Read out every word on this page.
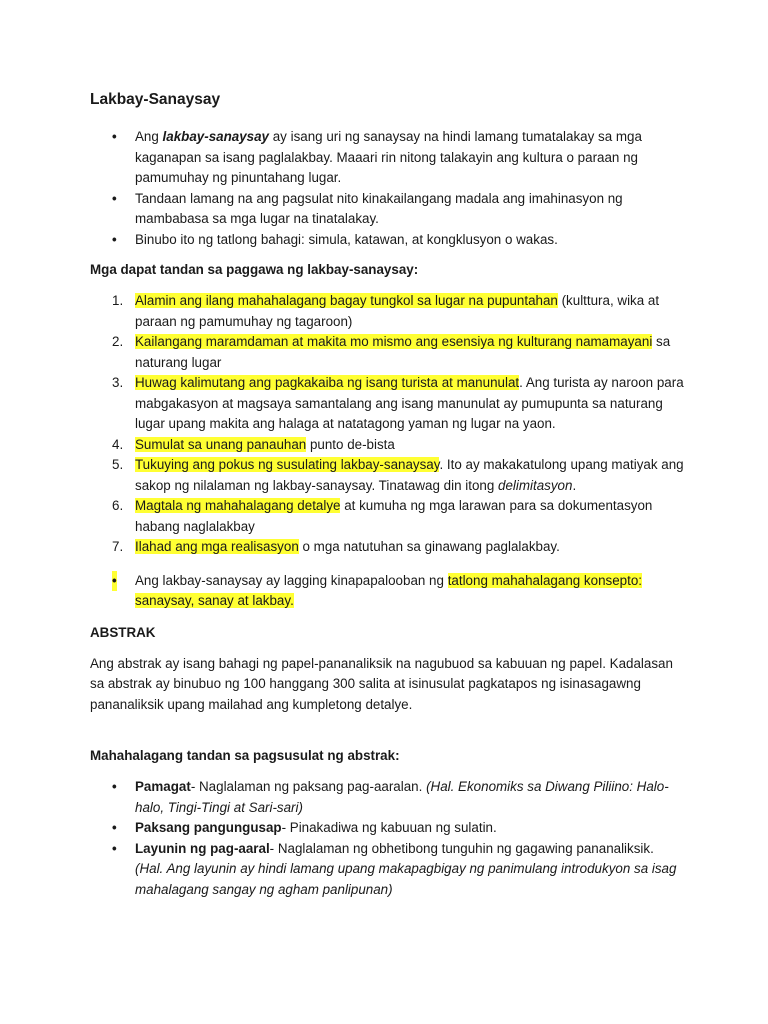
Lakbay-Sanaysay
• Ang lakbay-sanaysay ay isang uri ng sanaysay na hindi lamang tumatalakay sa mga kaganapan sa isang paglalakbay. Maaari rin nitong talakayin ang kultura o paraan ng pamumuhay ng pinuntahang lugar.
• Tandaan lamang na ang pagsulat nito kinakailangang madala ang imahinasyon ng mambabasa sa mga lugar na tinatalakay.
• Binubo ito ng tatlong bahagi: simula, katawan, at kongklusyon o wakas.
Mga dapat tandan sa paggawa ng lakbay-sanaysay:
1. Alamin ang ilang mahahalagang bagay tungkol sa lugar na pupuntahan (kulttura, wika at paraan ng pamumuhay ng tagaroon)
2. Kailangang maramdaman at makita mo mismo ang esensiya ng kulturang namamayani sa naturang lugar
3. Huwag kalimutang ang pagkakaiba ng isang turista at manunulat. Ang turista ay naroon para mabgakasyon at magsaya samantalang ang isang manunulat ay pumupunta sa naturang lugar upang makita ang halaga at natatagong yaman ng lugar na yaon.
4. Sumulat sa unang panauhan punto de-bista
5. Tukuying ang pokus ng susulating lakbay-sanaysay. Ito ay makakatulong upang matiyak ang sakop ng nilalaman ng lakbay-sanaysay. Tinatawag din itong delimitasyon.
6. Magtala ng mahahalagang detalye at kumuha ng mga larawan para sa dokumentasyon habang naglalakbay
7. Ilahad ang mga realisasyon o mga natutuhan sa ginawang paglalakbay.
• Ang lakbay-sanaysay ay lagging kinapapalooban ng tatlong mahahalagang konsepto: sanaysay, sanay at lakbay.
ABSTRAK

Ang abstrak ay isang bahagi ng papel-pananaliksik na nagubuod sa kabuuan ng papel. Kadalasan sa abstrak ay binubuo ng 100 hanggang 300 salita at isinusulat pagkatapos ng isinasagawng pananaliksik upang mailahad ang kumpletong detalye.

Mahahalagang tandan sa pagsusulat ng abstrak:
• Pamagat- Naglalaman ng paksang pag-aaralan. (Hal. Ekonomiks sa Diwang Piliino: Halo-halo, Tingi-Tingi at Sari-sari)
• Paksang pangungusap- Pinakadiwa ng kabuuan ng sulatin.
• Layunin ng pag-aaral- Naglalaman ng obhetibong tunguhin ng gagawing pananaliksik.
(Hal. Ang layunin ay hindi lamang upang makapagbigay ng panimulang introdukyon sa isag mahalagang sangay ng agham panlipunan)
